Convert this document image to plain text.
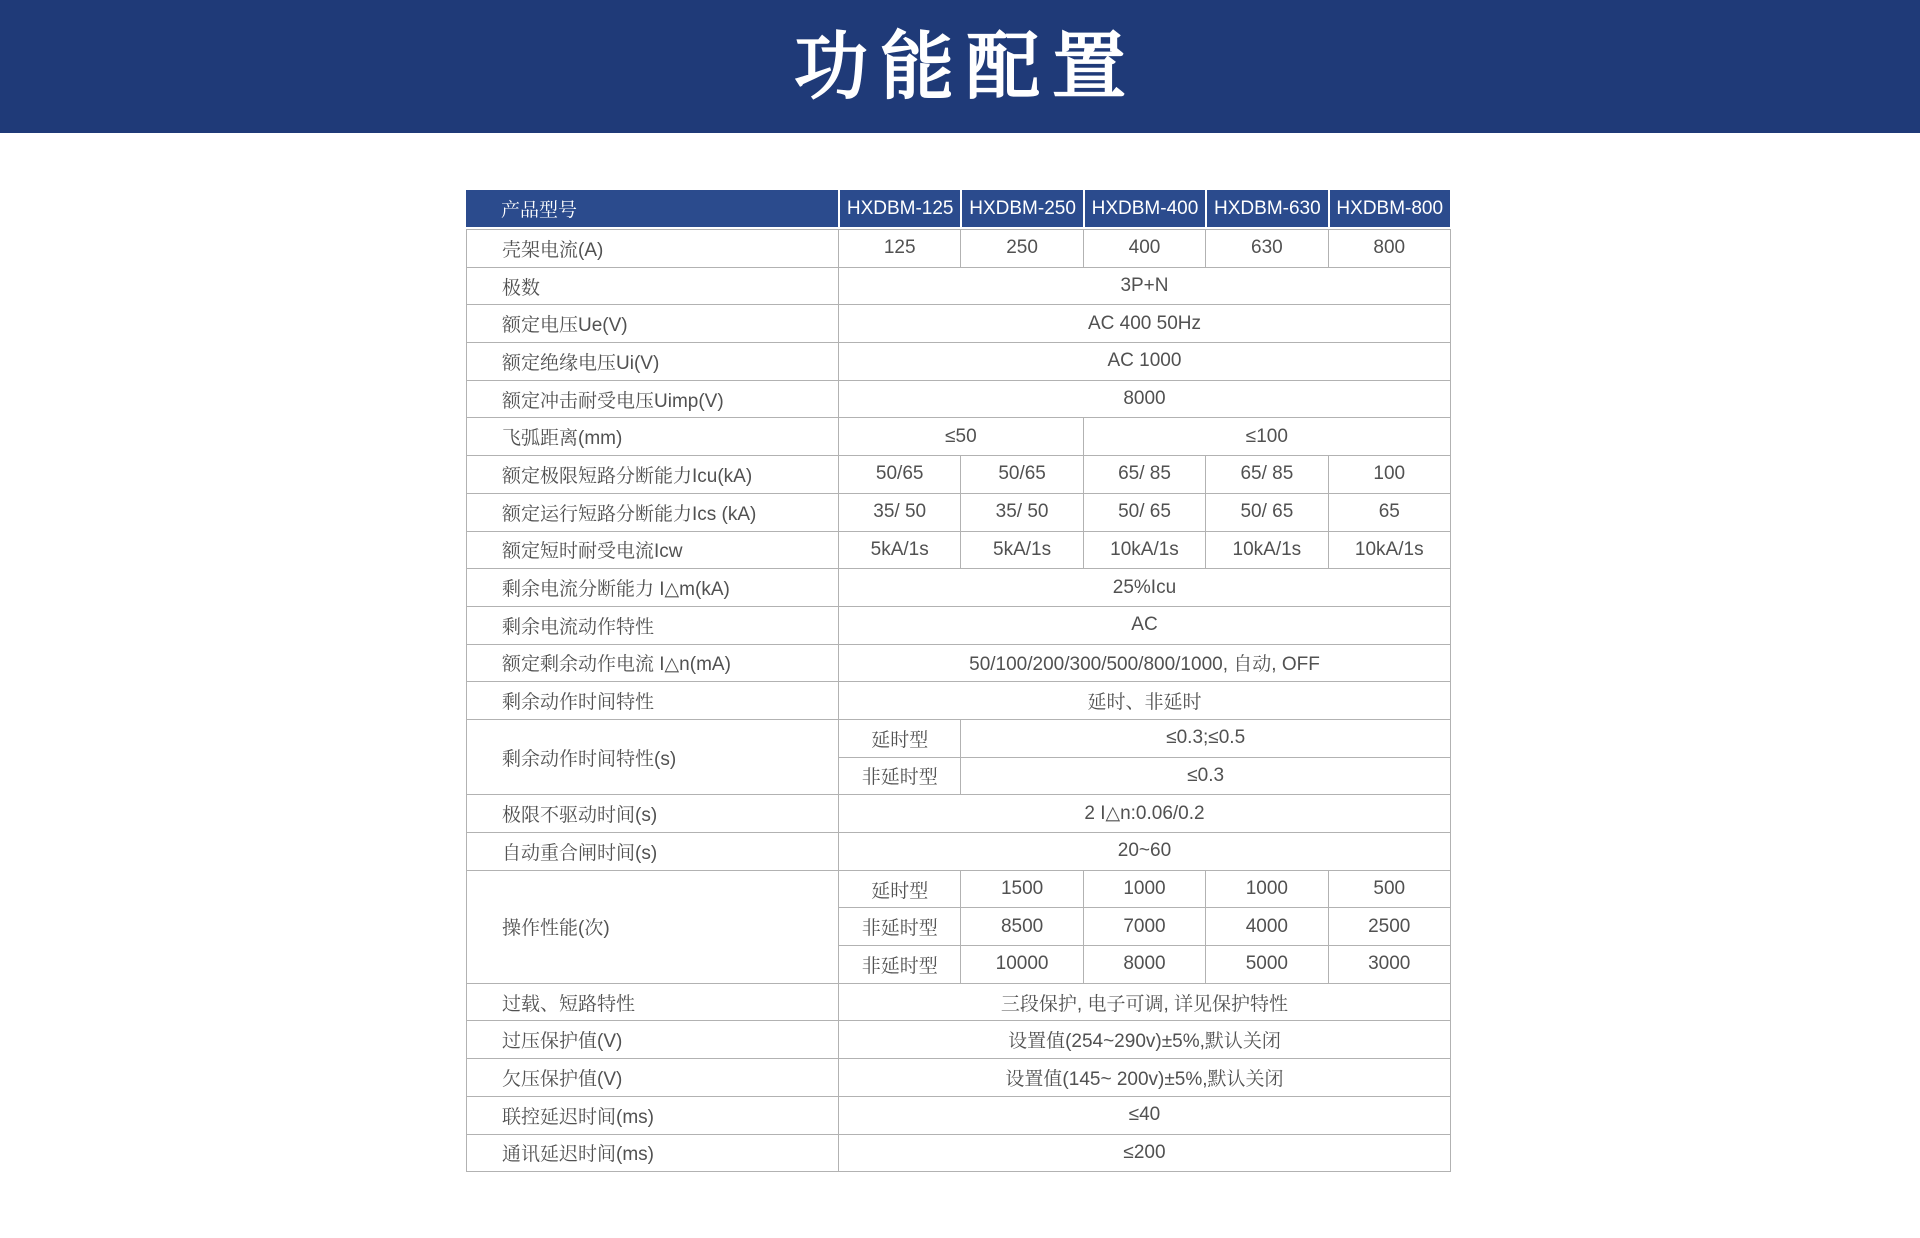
功能配置
产品型号	HXDBM-125 HXDBM-250 HXDBM-400 HXDBM-630 HXDBM-800
壳架电流(A)	125	250	400	630	800
极数	3P+N				
额定电压Ue(V)	AC 400 50Hz				
额定绝缘电压Ui(V)	AC 1000				
额定冲击耐受电压Uimp(V)	8000				
飞弧距离(mm)	≤50		≤100		
额定极限短路分断能力Icu(kA)	50/65	50/65	65/ 85	65/ 85	100
额定运行短路分断能力Ics (kA)	35/ 50	35/ 50	50/ 65	50/ 65	65
额定短时耐受电流Icw	5kA/1s	5kA/1s	10kA/1s	10kA/1s	10kA/1s
剩余电流分断能力 I△m(kA)	25%Icu				
剩余电流动作特性	AC				
额定剩余动作电流 I△n(mA)	50/100/200/300/500/800/1000, 自动, OFF				
剩余动作时间特性	延时、非延时				
剩余动作时间特性(s)	延时型	≤0.3;≤0.5			
	非延时型	≤0.3			
极限不驱动时间(s)	2 I△n:0.06/0.2				
自动重合闸时间(s)	20~60				
操作性能(次)	延时型	1500	1000	1000	500
	非延时型	8500	7000	4000	2500
	非延时型	10000	8000	5000	3000
过载、短路特性	三段保护, 电子可调, 详见保护特性				
过压保护值(V)	设置值(254~290v)±5%,默认关闭				
欠压保护值(V)	设置值(145~ 200v)±5%,默认关闭				
联控延迟时间(ms)	≤40				
通讯延迟时间(ms)	≤200				
